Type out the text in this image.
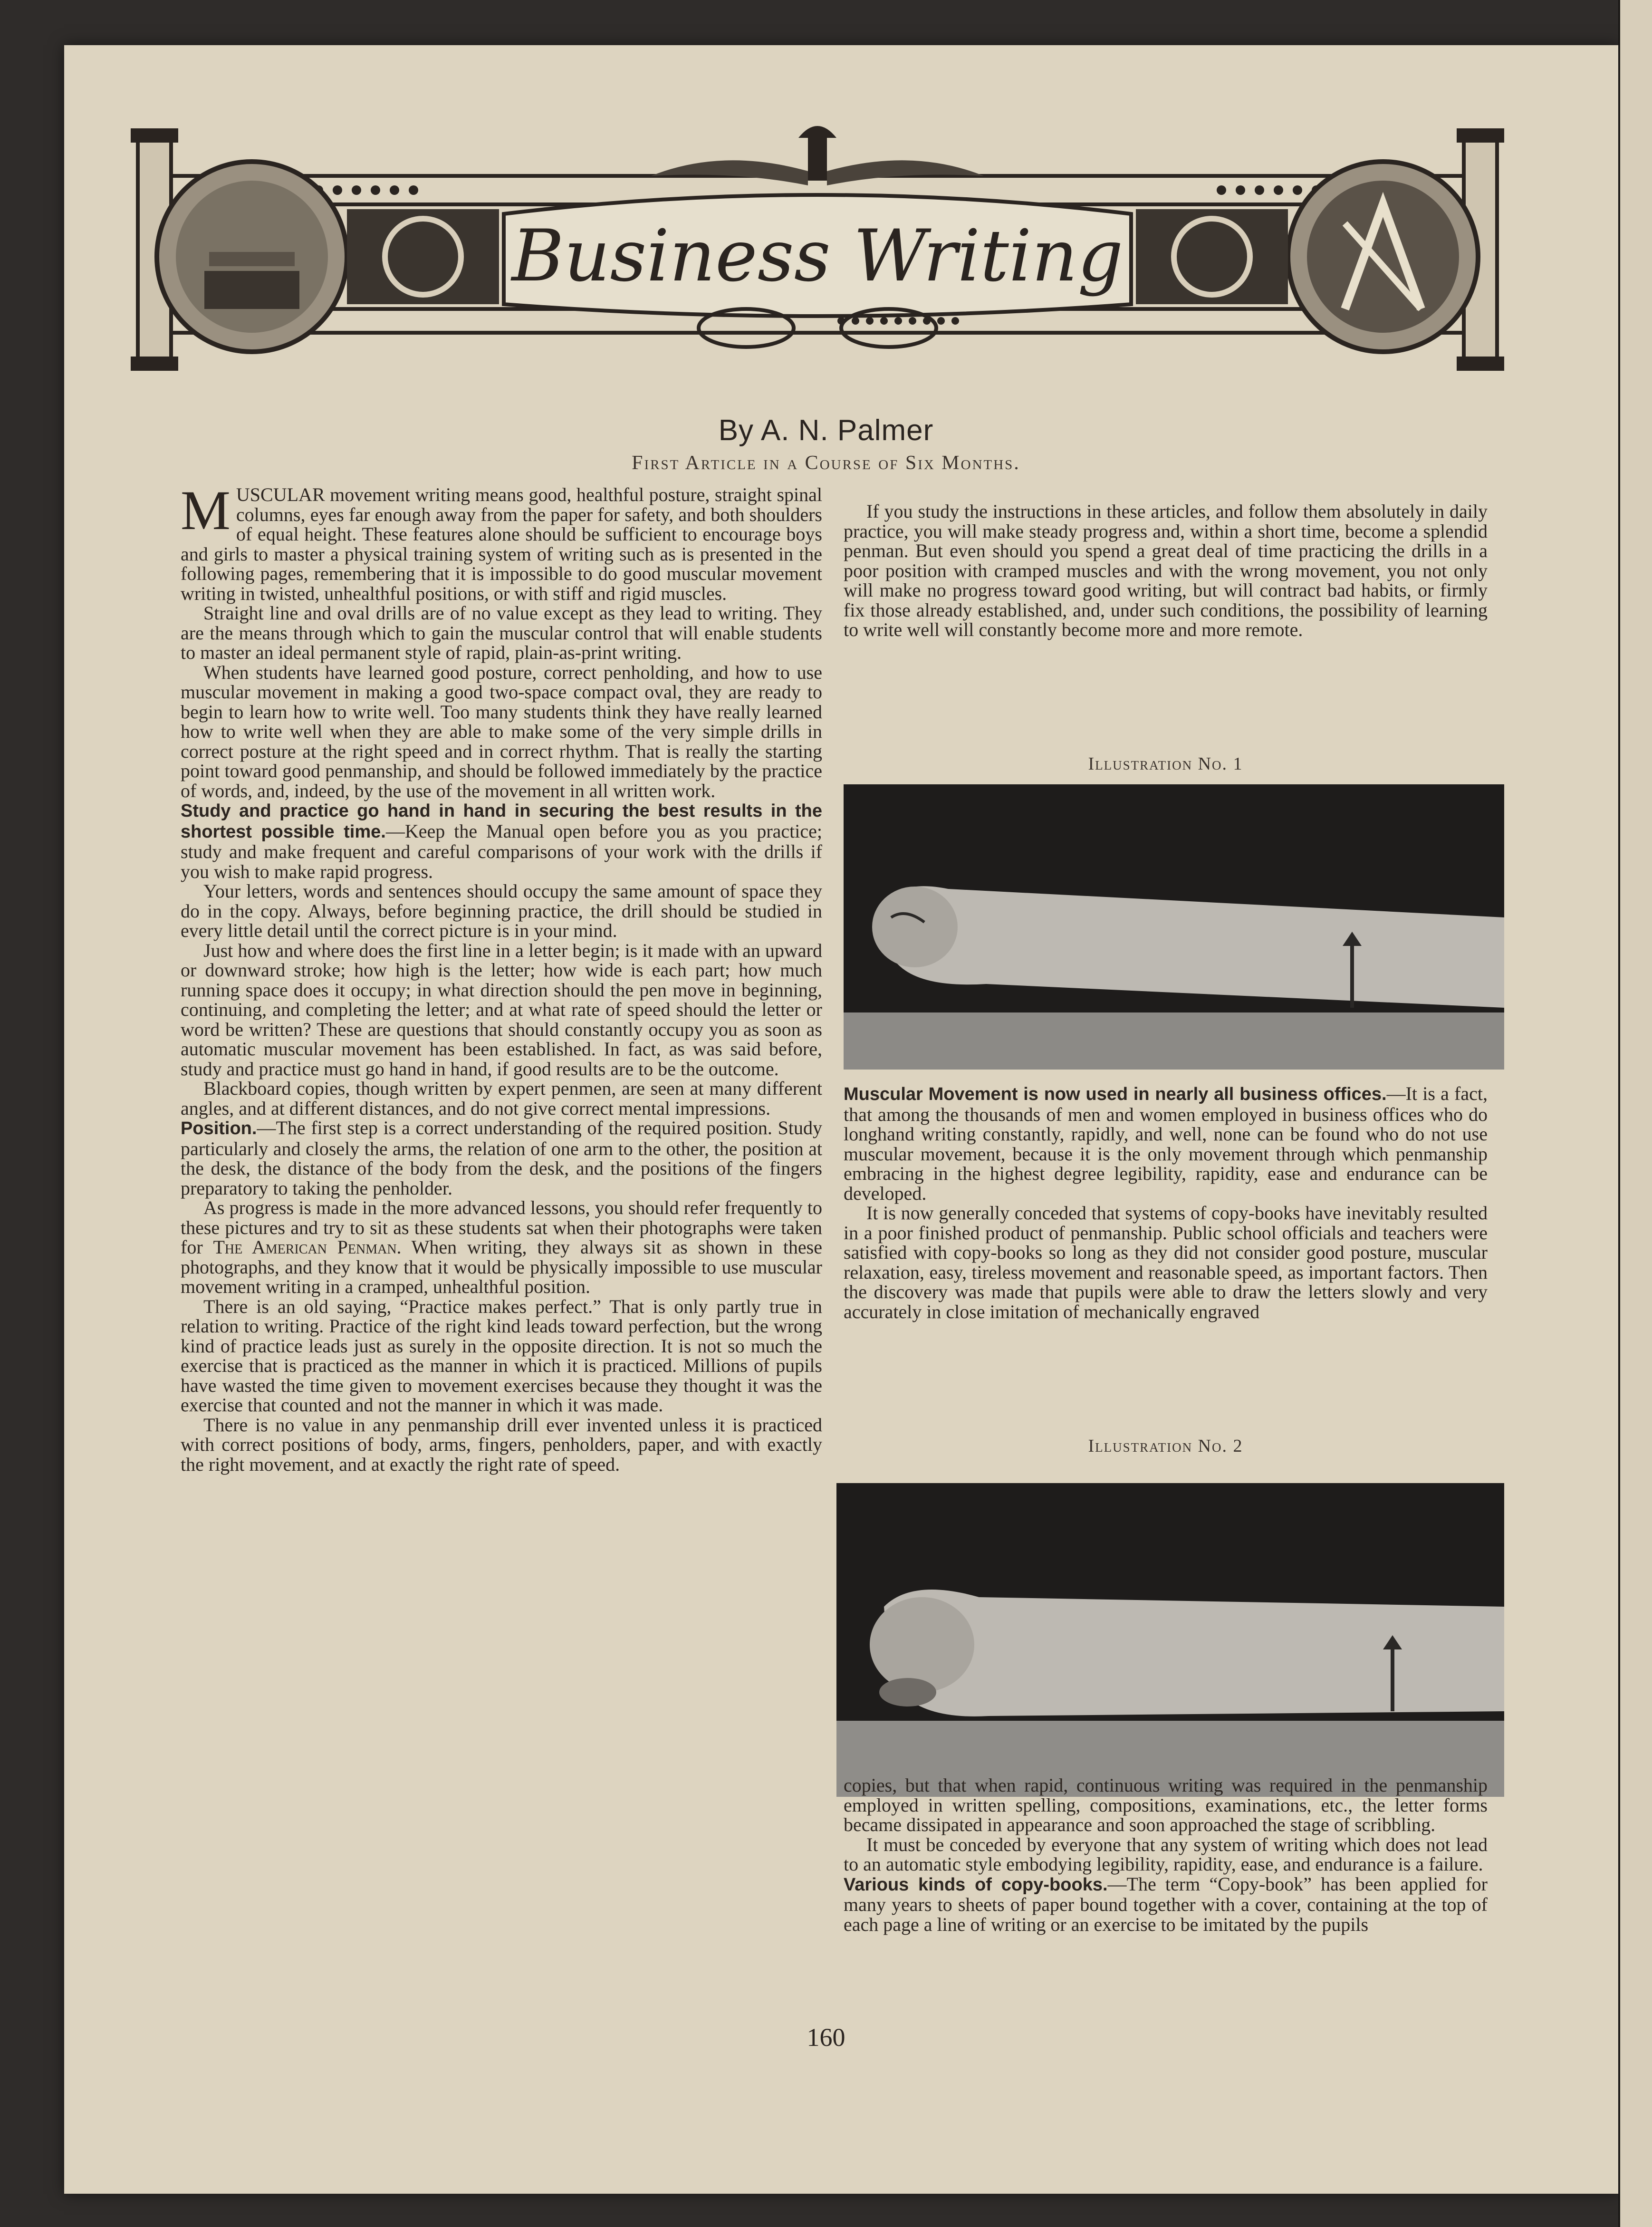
Business Writing
By A. N. Palmer
First Article in a Course of Six Months.

MUSCULAR movement writing means good, healthful posture, straight spinal columns, eyes far enough away from the paper for safety, and both shoulders of equal height. These features alone should be sufficient to encourage boys and girls to master a physical training system of writing such as is presented in the following pages, remembering that it is impossible to do good muscular movement writing in twisted, unhealthful positions, or with stiff and rigid muscles.

Straight line and oval drills are of no value except as they lead to writing. They are the means through which to gain the muscular control that will enable students to master an ideal permanent style of rapid, plain-as-print writing.

When students have learned good posture, correct penholding, and how to use muscular movement in making a good two-space compact oval, they are ready to begin to learn how to write well. Too many students think they have really learned how to write well when they are able to make some of the very simple drills in correct posture at the right speed and in correct rhythm. That is really the starting point toward good penmanship, and should be followed immediately by the practice of words, and, indeed, by the use of the movement in all written work.

Study and practice go hand in hand in securing the best results in the shortest possible time.—Keep the Manual open before you as you practice; study and make frequent and careful comparisons of your work with the drills if you wish to make rapid progress.

Your letters, words and sentences should occupy the same amount of space they do in the copy. Always, before beginning practice, the drill should be studied in every little detail until the correct picture is in your mind.

Just how and where does the first line in a letter begin; is it made with an upward or downward stroke; how high is the letter; how wide is each part; how much running space does it occupy; in what direction should the pen move in beginning, continuing, and completing the letter; and at what rate of speed should the letter or word be written? These are questions that should constantly occupy you as soon as automatic muscular movement has been established. In fact, as was said before, study and practice must go hand in hand, if good results are to be the outcome.

Blackboard copies, though written by expert penmen, are seen at many different angles, and at different distances, and do not give correct mental impressions.

Position.—The first step is a correct understanding of the required position. Study particularly and closely the arms, the relation of one arm to the other, the position at the desk, the distance of the body from the desk, and the positions of the fingers preparatory to taking the penholder.

As progress is made in the more advanced lessons, you should refer frequently to these pictures and try to sit as these students sat when their photographs were taken for The American Penman. When writing, they always sit as shown in these photographs, and they know that it would be physically impossible to use muscular movement writing in a cramped, unhealthful position.

There is an old saying, “Practice makes perfect.” That is only partly true in relation to writing. Practice of the right kind leads toward perfection, but the wrong kind of practice leads just as surely in the opposite direction. It is not so much the exercise that is practiced as the manner in which it is practiced. Millions of pupils have wasted the time given to movement exercises because they thought it was the exercise that counted and not the manner in which it was made.

There is no value in any penmanship drill ever invented unless it is practiced with correct positions of body, arms, fingers, penholders, paper, and with exactly the right movement, and at exactly the right rate of speed.

If you study the instructions in these articles, and follow them absolutely in daily practice, you will make steady progress and, within a short time, become a splendid penman. But even should you spend a great deal of time practicing the drills in a poor position with cramped muscles and with the wrong movement, you not only will make no progress toward good writing, but will contract bad habits, or firmly fix those already established, and, under such conditions, the possibility of learning to write well will constantly become more and more remote.

Illustration No. 1

Muscular Movement is now used in nearly all business offices.—It is a fact, that among the thousands of men and women employed in business offices who do longhand writing constantly, rapidly, and well, none can be found who do not use muscular movement, because it is the only movement through which penmanship embracing in the highest degree legibility, rapidity, ease and endurance can be developed.

It is now generally conceded that systems of copy-books have inevitably resulted in a poor finished product of penmanship. Public school officials and teachers were satisfied with copy-books so long as they did not consider good posture, muscular relaxation, easy, tireless movement and reasonable speed, as important factors. Then the discovery was made that pupils were able to draw the letters slowly and very accurately in close imitation of mechanically engraved

Illustration No. 2

copies, but that when rapid, continuous writing was required in the penmanship employed in written spelling, compositions, examinations, etc., the letter forms became dissipated in appearance and soon approached the stage of scribbling.

It must be conceded by everyone that any system of writing which does not lead to an automatic style embodying legibility, rapidity, ease, and endurance is a failure.

Various kinds of copy-books.—The term “Copy-book” has been applied for many years to sheets of paper bound together with a cover, containing at the top of each page a line of writing or an exercise to be imitated by the pupils

160
